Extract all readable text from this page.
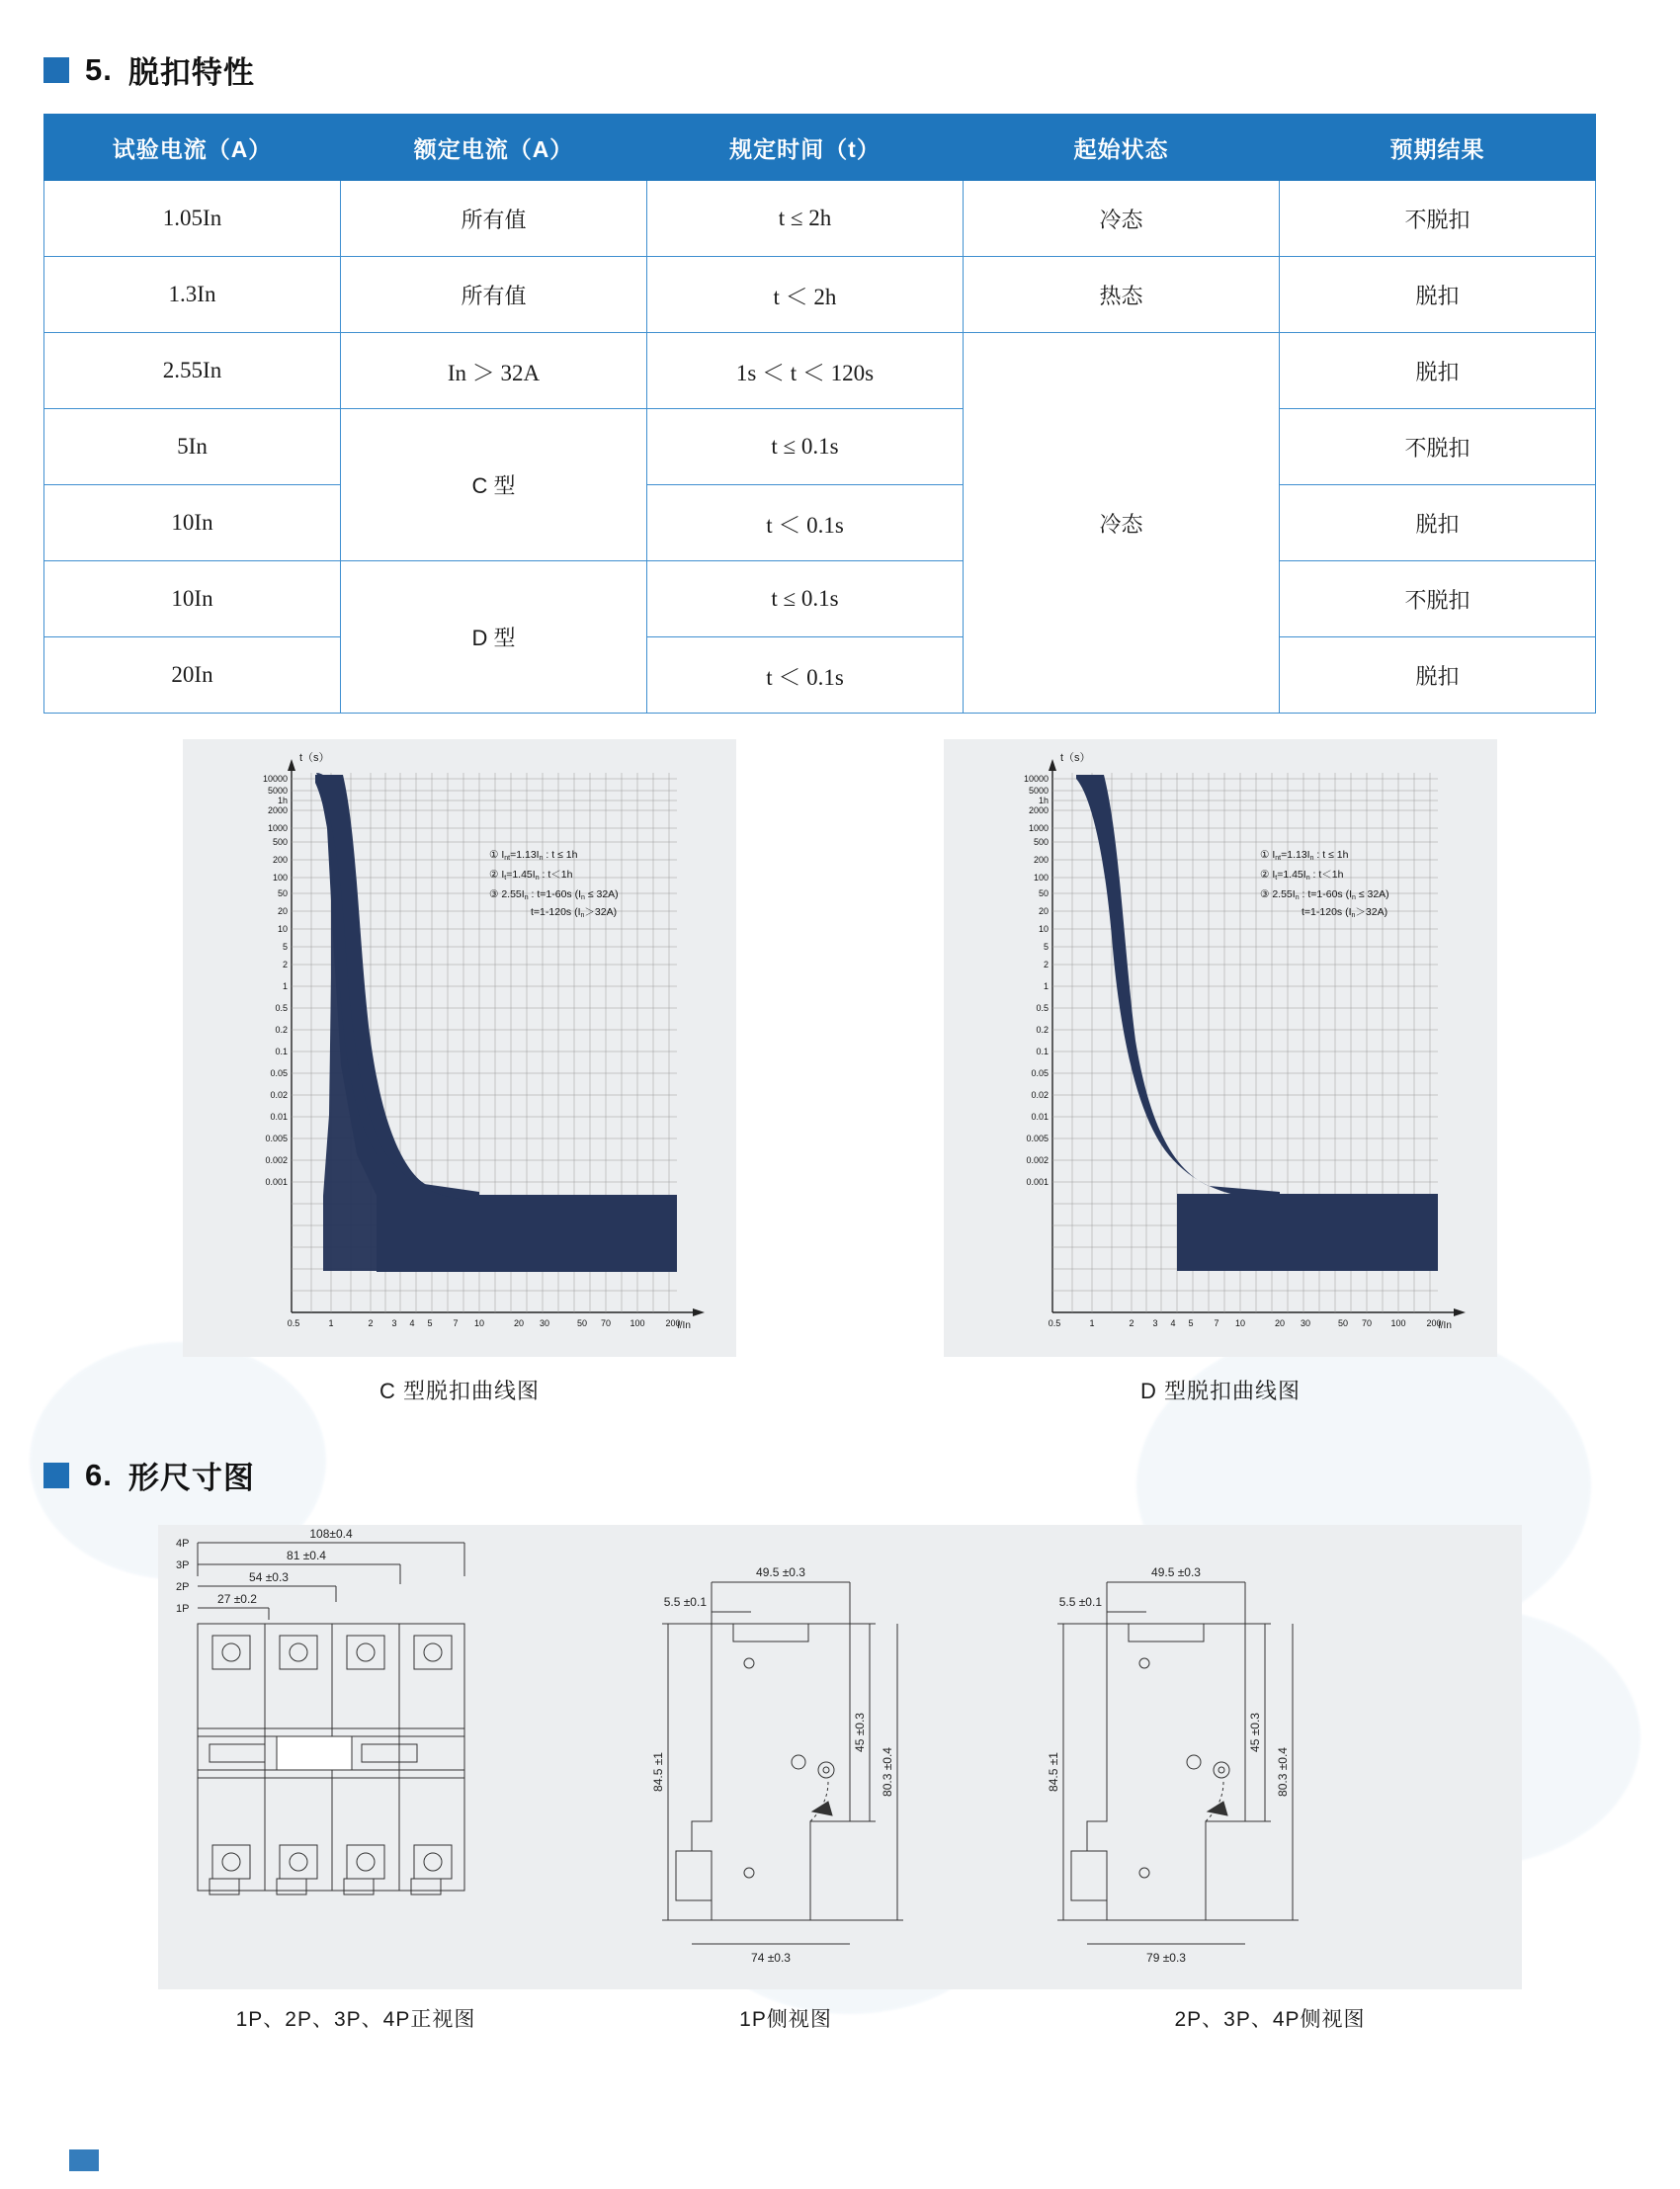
5. 脱扣特性
试验电流（A）	额定电流（A）	规定时间（t）	起始状态	预期结果
1.05In	所有值	t ≤ 2h	冷态	不脱扣
1.3In	所有值	t ＜ 2h	热态	脱扣
2.55In	In ＞ 32A	1s ＜ t ＜ 120s	冷态	脱扣
5In	C 型	t ≤ 0.1s		不脱扣
10In		t ＜ 0.1s		脱扣
10In	D 型	t ≤ 0.1s		不脱扣
20In		t ＜ 0.1s		脱扣
t（s）
I/In
① Int=1.13In : t ≤ 1h
② It=1.45In : t＜1h
③ 2.55In : t=1-60s (In ≤ 32A)
t=1-120s (In＞32A)
10000
5000
1h
2000
1000
500
200
100
50
20
10
5
2
1
0.5
0.2
0.1
0.05
0.02
0.01
0.005
0.002
0.001
0.5	1	2 3 4 5 7 10	20 30	50 70 100 200
C 型脱扣曲线图
t（s）
I/In
① Int=1.13In : t ≤ 1h
② It=1.45In : t＜1h
③ 2.55In : t=1-60s (In ≤ 32A)
t=1-120s (In＞32A)
10000
5000
1h
2000
1000
500
200
100
50
20
10
5
2
1
0.5
0.2
0.1
0.05
0.02
0.01
0.005
0.002
0.001
0.5	1	2 3 4 5 7 10	20 30	50 70 100 200
D 型脱扣曲线图
6. 形尺寸图
108±0.4
81 ±0.4
54 ±0.3
27 ±0.2
4P
3P
2P
1P
49.5 ±0.3
5.5 ±0.1
45 ±0.3
80.3 ±0.4
84.5 ±1
74 ±0.3
49.5 ±0.3
5.5 ±0.1
45 ±0.3
80.3 ±0.4
84.5 ±1
79 ±0.3
1P、2P、3P、4P正视图	1P侧视图	2P、3P、4P侧视图
